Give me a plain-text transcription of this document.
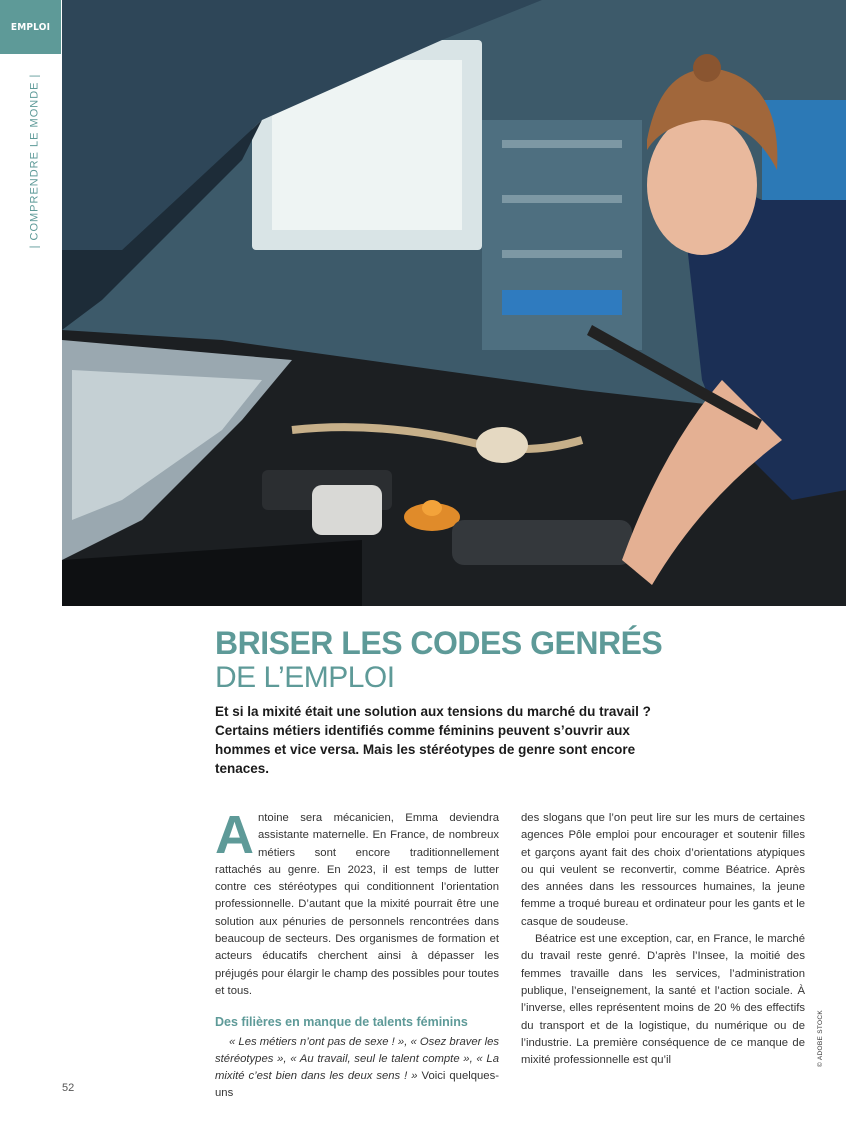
EMPLOI
| COMPRENDRE LE MONDE |
BRISER LES CODES GENRÉS
DE L’EMPLOI

Et si la mixité était une solution aux tensions du marché du travail ? Certains métiers identifiés comme féminins peuvent s’ouvrir aux hommes et vice versa. Mais les stéréotypes de genre sont encore tenaces.

Antoine sera mécanicien, Emma deviendra assistante maternelle. En France, de nombreux métiers sont encore traditionnellement rattachés au genre. En 2023, il est temps de lutter contre ces stéréotypes qui conditionnent l’orientation professionnelle. D’autant que la mixité pourrait être une solution aux pénuries de personnels rencontrées dans beaucoup de secteurs. Des organismes de formation et acteurs éducatifs cherchent ainsi à dépasser les préjugés pour élargir le champ des possibles pour toutes et tous.

Des filières en manque de talents féminins

« Les métiers n’ont pas de sexe ! », « Osez braver les stéréotypes », « Au travail, seul le talent compte », « La mixité c’est bien dans les deux sens ! » Voici quelques-uns

des slogans que l’on peut lire sur les murs de certaines agences Pôle emploi pour encourager et soutenir filles et garçons ayant fait des choix d’orientations atypiques ou qui veulent se reconvertir, comme Béatrice. Après des années dans les ressources humaines, la jeune femme a troqué bureau et ordinateur pour les gants et le casque de soudeuse.

Béatrice est une exception, car, en France, le marché du travail reste genré. D’après l’Insee, la moitié des femmes travaille dans les services, l’administration publique, l’enseignement, la santé et l’action sociale. À l’inverse, elles représentent moins de 20 % des effectifs du transport et de la logistique, du numérique ou de l’industrie. La première conséquence de ce manque de mixité professionnelle est qu’il

52
© ADOBE STOCK
